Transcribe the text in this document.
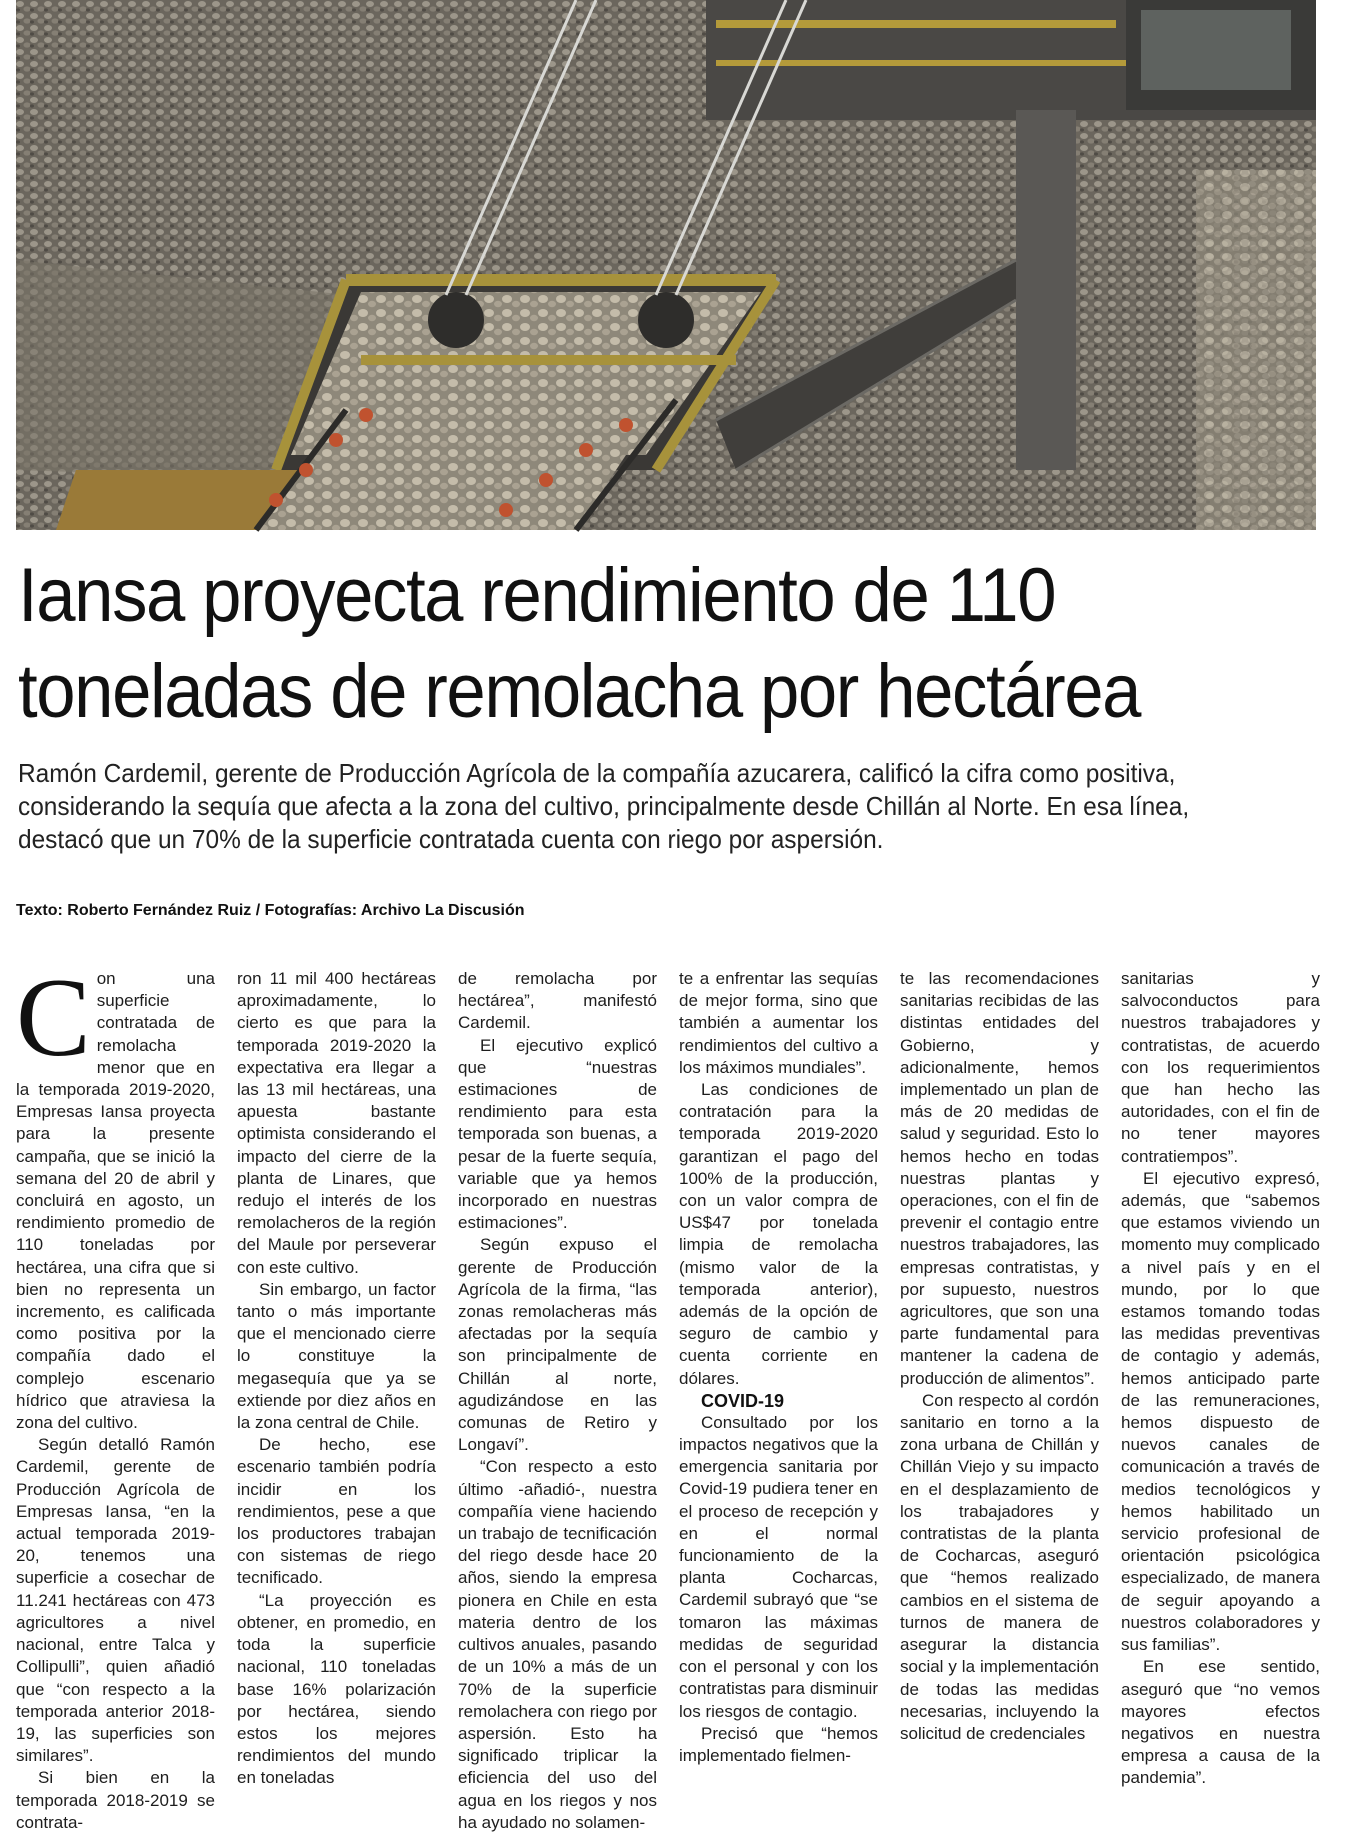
Iansa proyecta rendimiento de 110 toneladas de remolacha por hectárea

Ramón Cardemil, gerente de Producción Agrícola de la compañía azucarera, calificó la cifra como positiva, considerando la sequía que afecta a la zona del cultivo, principalmente desde Chillán al Norte. En esa línea, destacó que un 70% de la superficie contratada cuenta con riego por aspersión.

Texto: Roberto Fernández Ruiz / Fotografías: Archivo La Discusión

C on una superficie contratada de remolacha menor que en la temporada 2019-2020, Empresas Iansa proyecta para la presente campaña, que se inició la semana del 20 de abril y concluirá en agosto, un rendimiento promedio de 110 toneladas por hectárea, una cifra que si bien no representa un incremento, es calificada como positiva por la compañía dado el complejo escenario hídrico que atraviesa la zona del cultivo.

Según detalló Ramón Cardemil, gerente de Producción Agrícola de Empresas Iansa, “en la actual temporada 2019-20, tenemos una superficie a cosechar de 11.241 hectáreas con 473 agricultores a nivel nacional, entre Talca y Collipulli”, quien añadió que “con respecto a la temporada anterior 2018-19, las superficies son similares”.

Si bien en la temporada 2018-2019 se contrata-

ron 11 mil 400 hectáreas aproximadamente, lo cierto es que para la temporada 2019-2020 la expectativa era llegar a las 13 mil hectáreas, una apuesta bastante optimista considerando el impacto del cierre de la planta de Linares, que redujo el interés de los remolacheros de la región del Maule por perseverar con este cultivo.

Sin embargo, un factor tanto o más importante que el mencionado cierre lo constituye la megasequía que ya se extiende por diez años en la zona central de Chile.

De hecho, ese escenario también podría incidir en los rendimientos, pese a que los productores trabajan con sistemas de riego tecnificado.

“La proyección es obtener, en promedio, en toda la superficie nacional, 110 toneladas base 16% polarización por hectárea, siendo estos los mejores rendimientos del mundo en toneladas

de remolacha por hectárea”, manifestó Cardemil.

El ejecutivo explicó que “nuestras estimaciones de rendimiento para esta temporada son buenas, a pesar de la fuerte sequía, variable que ya hemos incorporado en nuestras estimaciones”.

Según expuso el gerente de Producción Agrícola de la firma, “las zonas remolacheras más afectadas por la sequía son principalmente de Chillán al norte, agudizándose en las comunas de Retiro y Longaví”.

“Con respecto a esto último -añadió-, nuestra compañía viene haciendo un trabajo de tecnificación del riego desde hace 20 años, siendo la empresa pionera en Chile en esta materia dentro de los cultivos anuales, pasando de un 10% a más de un 70% de la superficie remolachera con riego por aspersión. Esto ha significado triplicar la eficiencia del uso del agua en los riegos y nos ha ayudado no solamen-

te a enfrentar las sequías de mejor forma, sino que también a aumentar los rendimientos del cultivo a los máximos mundiales”.

Las condiciones de contratación para la temporada 2019-2020 garantizan el pago del 100% de la producción, con un valor compra de US$47 por tonelada limpia de remolacha (mismo valor de la temporada anterior), además de la opción de seguro de cambio y cuenta corriente en dólares.

COVID-19

Consultado por los impactos negativos que la emergencia sanitaria por Covid-19 pudiera tener en el proceso de recepción y en el normal funcionamiento de la planta Cocharcas, Cardemil subrayó que “se tomaron las máximas medidas de seguridad con el personal y con los contratistas para disminuir los riesgos de contagio.

Precisó que “hemos implementado fielmen-

te las recomendaciones sanitarias recibidas de las distintas entidades del Gobierno, y adicionalmente, hemos implementado un plan de más de 20 medidas de salud y seguridad. Esto lo hemos hecho en todas nuestras plantas y operaciones, con el fin de prevenir el contagio entre nuestros trabajadores, las empresas contratistas, y por supuesto, nuestros agricultores, que son una parte fundamental para mantener la cadena de producción de alimentos”.

Con respecto al cordón sanitario en torno a la zona urbana de Chillán y Chillán Viejo y su impacto en el desplazamiento de los trabajadores y contratistas de la planta de Cocharcas, aseguró que “hemos realizado cambios en el sistema de turnos de manera de asegurar la distancia social y la implementación de todas las medidas necesarias, incluyendo la solicitud de credenciales

sanitarias y salvoconductos para nuestros trabajadores y contratistas, de acuerdo con los requerimientos que han hecho las autoridades, con el fin de no tener mayores contratiempos”.

El ejecutivo expresó, además, que “sabemos que estamos viviendo un momento muy complicado a nivel país y en el mundo, por lo que estamos tomando todas las medidas preventivas de contagio y además, hemos anticipado parte de las remuneraciones, hemos dispuesto de nuevos canales de comunicación a través de medios tecnológicos y hemos habilitado un servicio profesional de orientación psicológica especializado, de manera de seguir apoyando a nuestros colaboradores y sus familias”.

En ese sentido, aseguró que “no vemos mayores efectos negativos en nuestra empresa a causa de la pandemia”.
